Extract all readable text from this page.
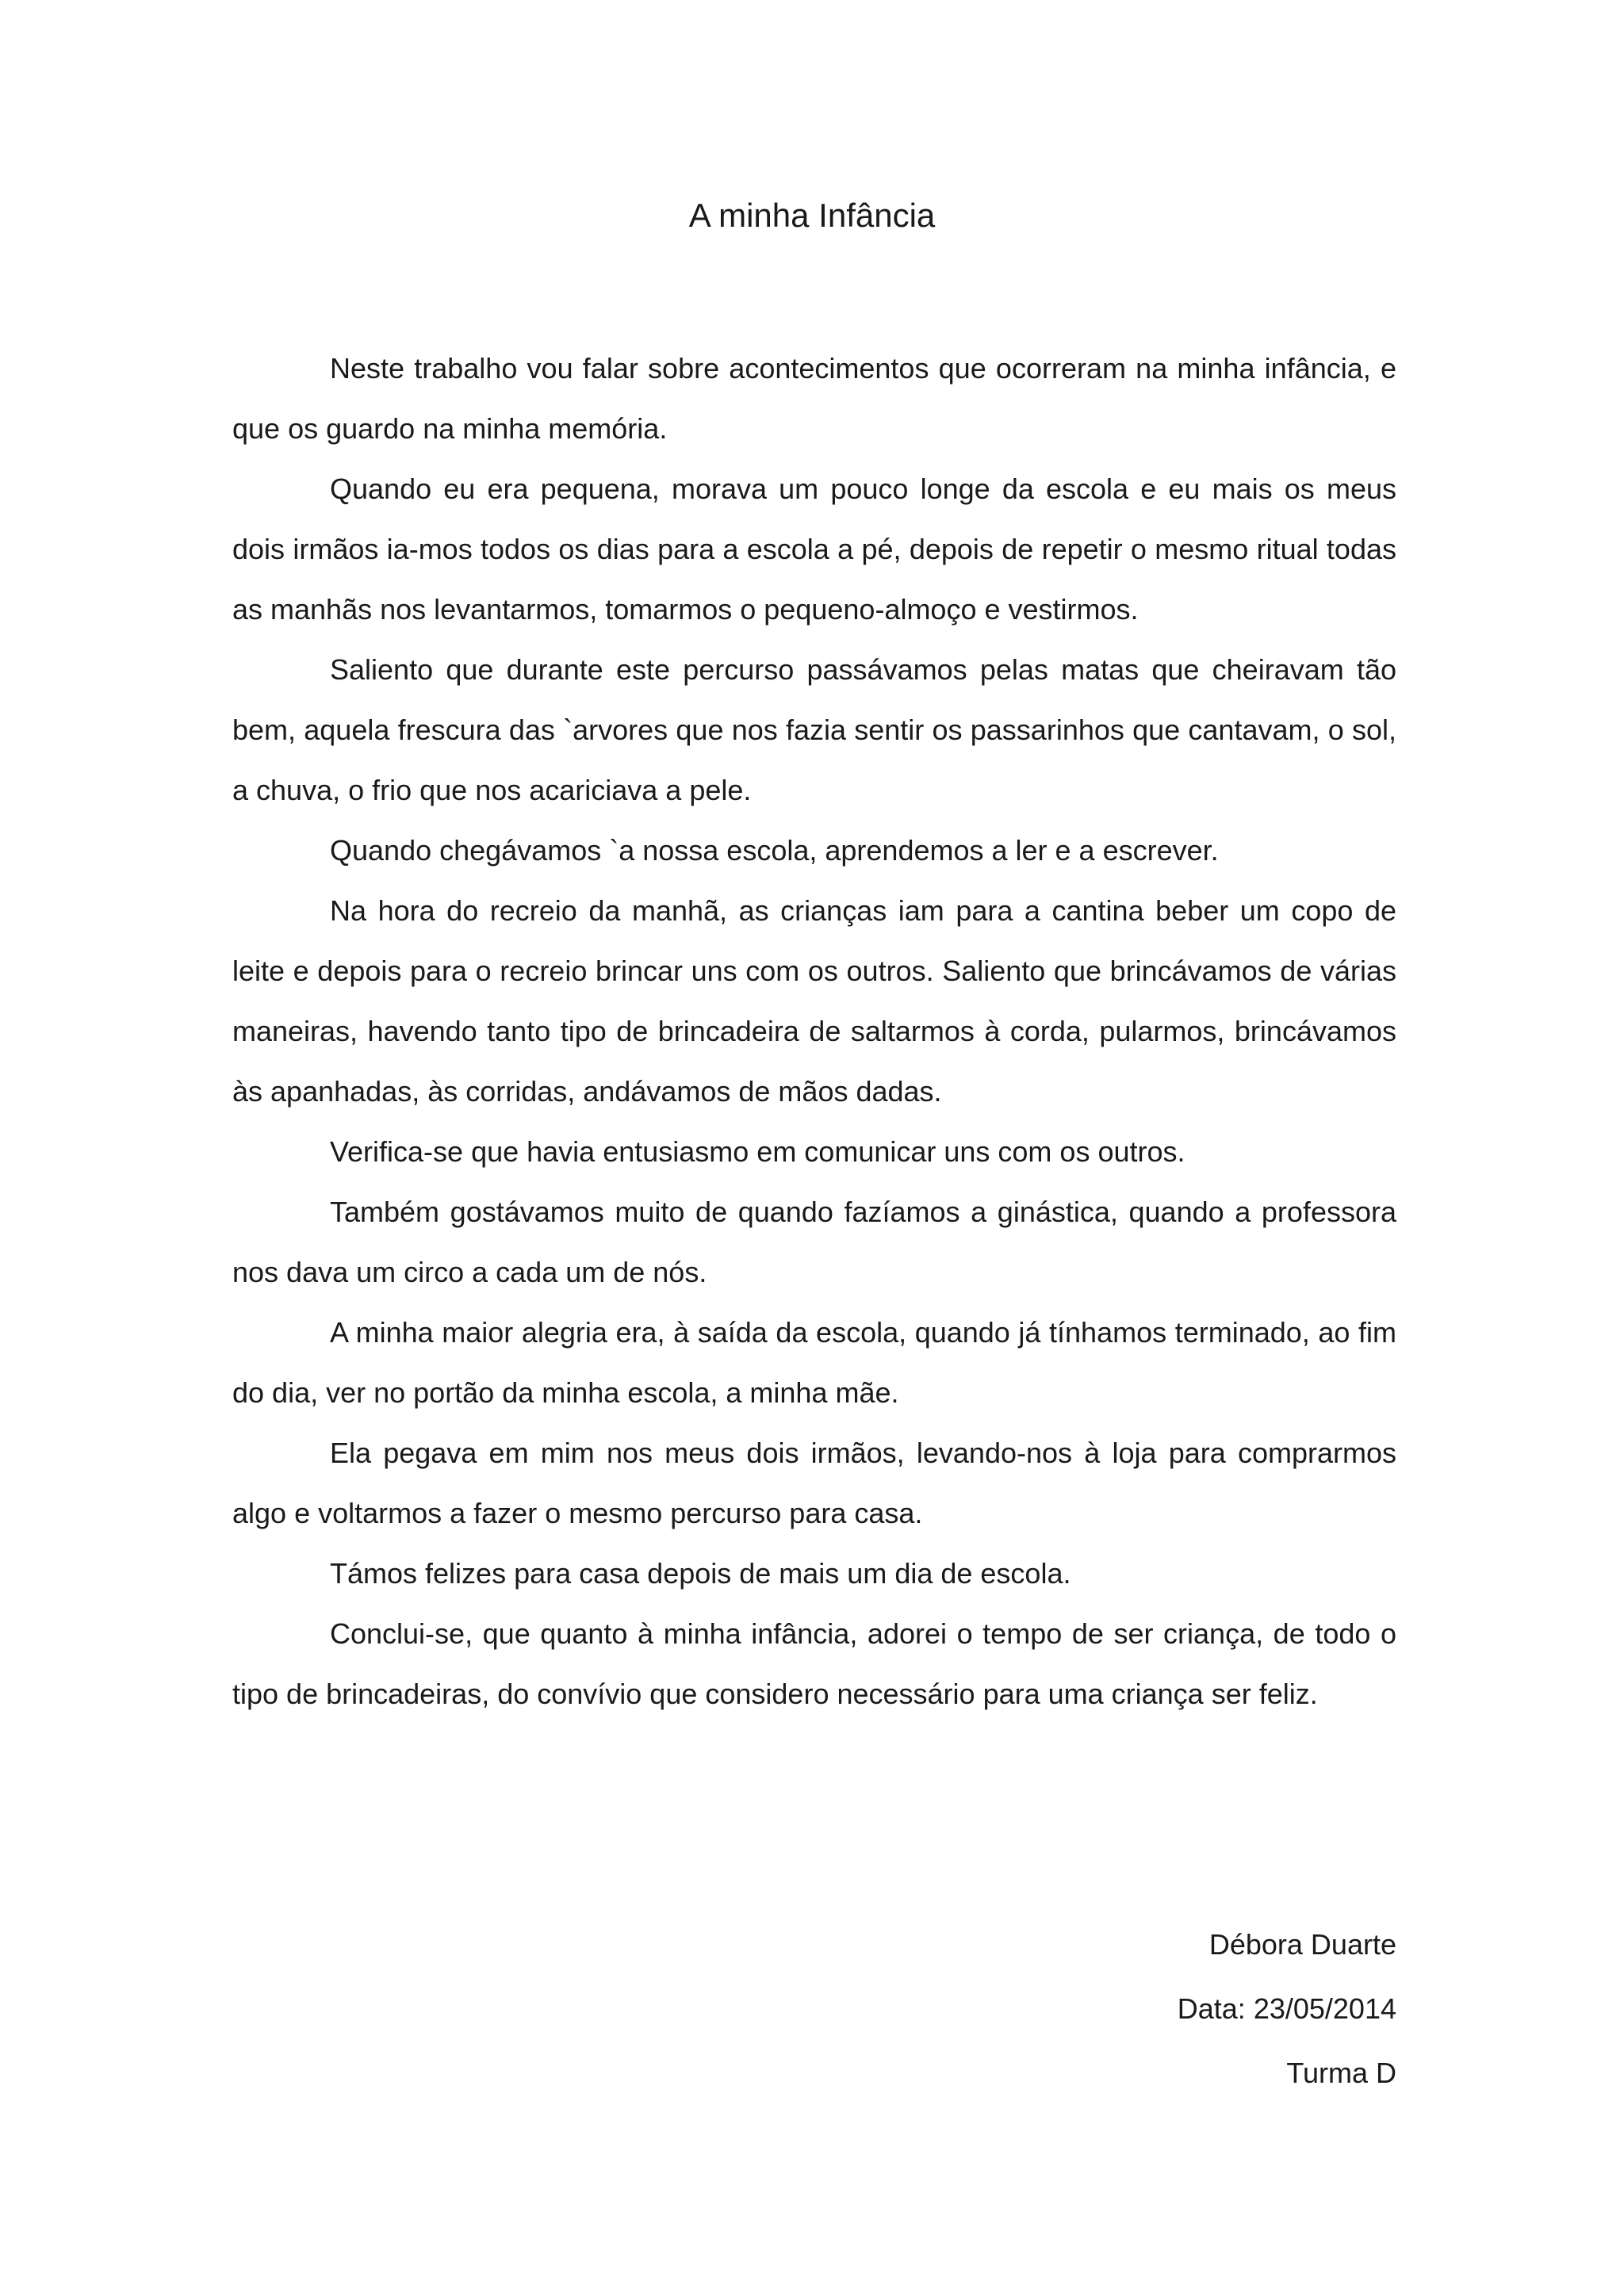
A minha Infância

Neste trabalho vou falar sobre acontecimentos que ocorreram na minha infância, e que os guardo na minha memória.

Quando eu era pequena, morava um pouco longe da escola e eu mais os meus dois irmãos ia-mos todos os dias para a escola a pé, depois de repetir o mesmo ritual todas as manhãs nos levantarmos, tomarmos o pequeno-almoço e vestirmos.

Saliento que durante este percurso passávamos pelas matas que cheiravam tão bem, aquela frescura das `arvores que nos fazia sentir os passarinhos que cantavam, o sol, a chuva, o frio que nos acariciava a pele.

Quando chegávamos `a nossa escola, aprendemos a ler e a escrever.

Na hora do recreio da manhã, as crianças iam para a cantina beber um copo de leite e depois para o recreio brincar uns com os outros. Saliento que brincávamos de várias maneiras, havendo tanto tipo de brincadeira de saltarmos à corda, pularmos, brincávamos às apanhadas, às corridas, andávamos de mãos dadas.

Verifica-se que havia entusiasmo em comunicar uns com os outros.

Também gostávamos muito de quando fazíamos a ginástica, quando a professora nos dava um circo a cada um de nós.

A minha maior alegria era, à saída da escola, quando já tínhamos terminado, ao fim do dia, ver no portão da minha escola, a minha mãe.

Ela pegava em mim nos meus dois irmãos, levando-nos à loja para comprarmos algo e voltarmos a fazer o mesmo percurso para casa.

Támos felizes para casa depois de mais um dia de escola.

Conclui-se, que quanto à minha infância, adorei o tempo de ser criança, de todo o tipo de brincadeiras, do convívio que considero necessário para uma criança ser feliz.

Débora Duarte
Data: 23/05/2014
Turma D
